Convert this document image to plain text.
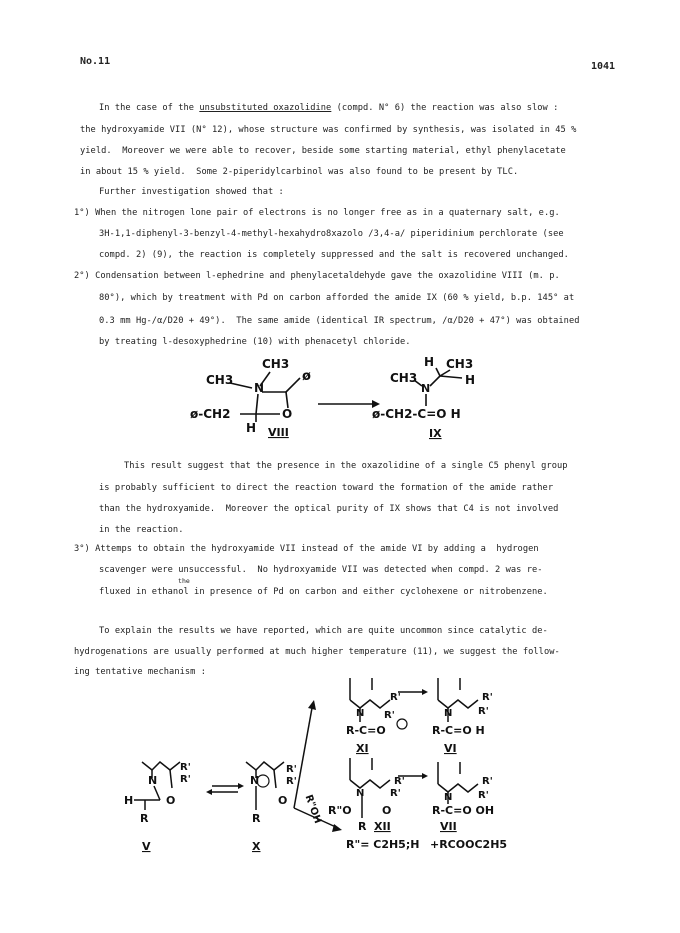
No.11	1041
In the case of the unsubstituted oxazolidine (compd. N° 6) the reaction was also slow :
the hydroxyamide VII (N° 12), whose structure was confirmed by synthesis, was isolated in 45 %
yield.  Moreover we were able to recover, beside some starting material, ethyl phenylacetate
in about 15 % yield.  Some 2-piperidylcarbinol was also found to be present by TLC.
Further investigation showed that :
1°) When the nitrogen lone pair of electrons is no longer free as in a quaternary salt, e.g.
3H-1,1-diphenyl-3-benzyl-4-methyl-hexahydro8xazolo /3,4-a/ piperidinium perchlorate (see
compd. 2) (9), the reaction is completely suppressed and the salt is recovered unchanged.
2°) Condensation between l-ephedrine and phenylacetaldehyde gave the oxazolidine VIII (m. p.
80°), which by treatment with Pd on carbon afforded the amide IX (60 % yield, b.p. 145° at
0.3 mm Hg-/α/D20 + 49°).  The same amide (identical IR spectrum, /α/D20 + 47°) was obtained
by treating l-desoxyphedrine (10) with phenacetyl chloride.
CH3
CH3
N
ø
ø-CH2	O
H VIII
H CH3
CH3
N
H
ø-CH2-C=O H
IX
This result suggest that the presence in the oxazolidine of a single C5 phenyl group
is probably sufficient to direct the reaction toward the formation of the amide rather
than the hydroxyamide.  Moreover the optical purity of IX shows that C4 is not involved
in the reaction.
3°) Attemps to obtain the hydroxyamide VII instead of the amide VI by adding a  hydrogen
scavenger were unsuccessful.  No hydroxyamide VII was detected when compd. 2 was re-
the
fluxed in ethanol in presence of Pd on carbon and either cyclohexene or nitrobenzene.
To explain the results we have reported, which are quite uncommon since catalytic de-
hydrogenations are usually performed at much higher temperature (11), we suggest the follow-
ing tentative mechanism :
N
R'
R'
H	O
R
V
N
R'
R'
O
R
X
R"OH
N
R'
R'
R-C=O
XI
N
R'
R'
R-C=O H
VI
N
R'
R'
R"O	O
R XII
R"= C2H5;H
N
R'
R'
R-C=O OH
VII
+RCOOC2H5
